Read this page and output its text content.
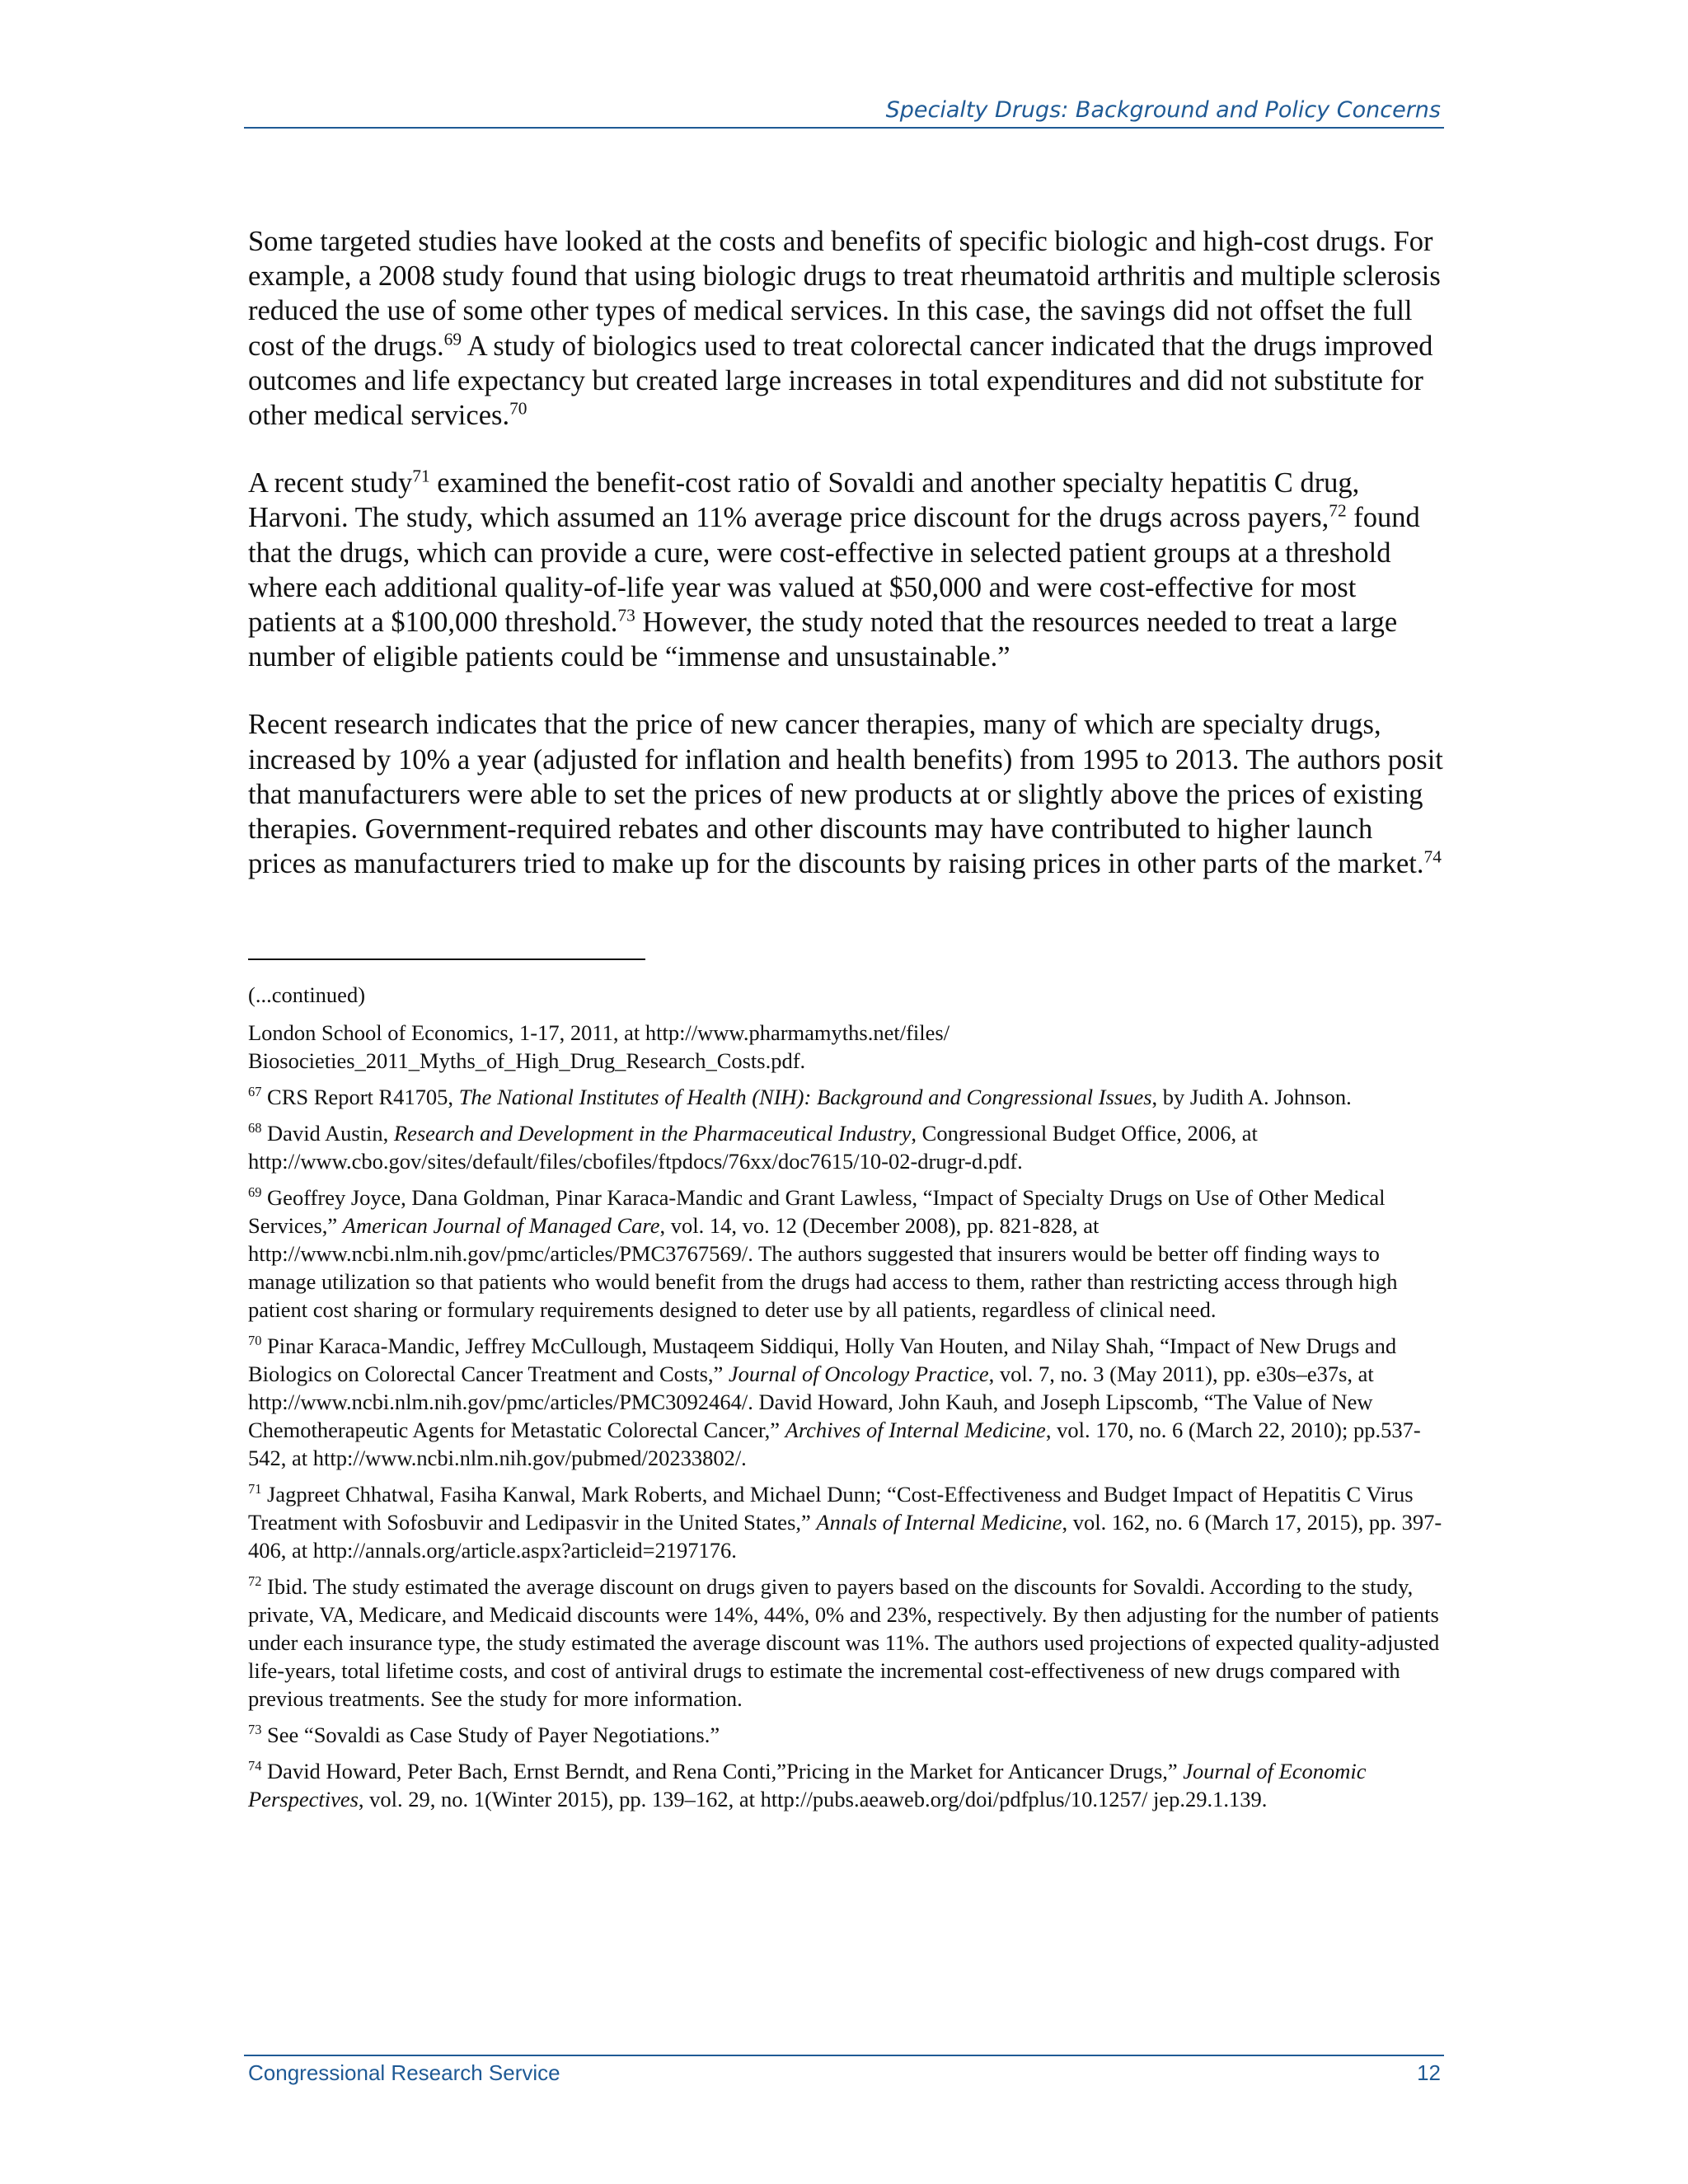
Specialty Drugs: Background and Policy Concerns

Some targeted studies have looked at the costs and benefits of specific biologic and high-cost drugs. For example, a 2008 study found that using biologic drugs to treat rheumatoid arthritis and multiple sclerosis reduced the use of some other types of medical services. In this case, the savings did not offset the full cost of the drugs.$^{69}$ A study of biologics used to treat colorectal cancer indicated that the drugs improved outcomes and life expectancy but created large increases in total expenditures and did not substitute for other medical services.$^{70}$

A recent study$^{71}$ examined the benefit-cost ratio of Sovaldi and another specialty hepatitis C drug, Harvoni. The study, which assumed an 11% average price discount for the drugs across payers,$^{72}$ found that the drugs, which can provide a cure, were cost-effective in selected patient groups at a threshold where each additional quality-of-life year was valued at $50,000 and were cost-effective for most patients at a $100,000 threshold.$^{73}$ However, the study noted that the resources needed to treat a large number of eligible patients could be “immense and unsustainable.”

Recent research indicates that the price of new cancer therapies, many of which are specialty drugs, increased by 10% a year (adjusted for inflation and health benefits) from 1995 to 2013. The authors posit that manufacturers were able to set the prices of new products at or slightly above the prices of existing therapies. Government-required rebates and other discounts may have contributed to higher launch prices as manufacturers tried to make up for the discounts by raising prices in other parts of the market.$^{74}$

(...continued)

London School of Economics, 1-17, 2011, at http://www.pharmamyths.net/files/ Biosocieties_2011_Myths_of_High_Drug_Research_Costs.pdf.

$^{67}$ CRS Report R41705, The National Institutes of Health (NIH): Background and Congressional Issues, by Judith A. Johnson.

$^{68}$ David Austin, Research and Development in the Pharmaceutical Industry, Congressional Budget Office, 2006, at http://www.cbo.gov/sites/default/files/cbofiles/ftpdocs/76xx/doc7615/10-02-drugr-d.pdf.

$^{69}$ Geoffrey Joyce, Dana Goldman, Pinar Karaca-Mandic and Grant Lawless, “Impact of Specialty Drugs on Use of Other Medical Services,” American Journal of Managed Care, vol. 14, vo. 12 (December 2008), pp. 821-828, at http://www.ncbi.nlm.nih.gov/pmc/articles/PMC3767569/. The authors suggested that insurers would be better off finding ways to manage utilization so that patients who would benefit from the drugs had access to them, rather than restricting access through high patient cost sharing or formulary requirements designed to deter use by all patients, regardless of clinical need.

$^{70}$ Pinar Karaca-Mandic, Jeffrey McCullough, Mustaqeem Siddiqui, Holly Van Houten, and Nilay Shah, “Impact of New Drugs and Biologics on Colorectal Cancer Treatment and Costs,” Journal of Oncology Practice, vol. 7, no. 3 (May 2011), pp. e30s–e37s, at http://www.ncbi.nlm.nih.gov/pmc/articles/PMC3092464/. David Howard, John Kauh, and Joseph Lipscomb, “The Value of New Chemotherapeutic Agents for Metastatic Colorectal Cancer,” Archives of Internal Medicine, vol. 170, no. 6 (March 22, 2010); pp.537-542, at http://www.ncbi.nlm.nih.gov/pubmed/20233802/.

$^{71}$ Jagpreet Chhatwal, Fasiha Kanwal, Mark Roberts, and Michael Dunn; “Cost-Effectiveness and Budget Impact of Hepatitis C Virus Treatment with Sofosbuvir and Ledipasvir in the United States,” Annals of Internal Medicine, vol. 162, no. 6 (March 17, 2015), pp. 397-406, at http://annals.org/article.aspx?articleid=2197176.

$^{72}$ Ibid. The study estimated the average discount on drugs given to payers based on the discounts for Sovaldi. According to the study, private, VA, Medicare, and Medicaid discounts were 14%, 44%, 0% and 23%, respectively. By then adjusting for the number of patients under each insurance type, the study estimated the average discount was 11%. The authors used projections of expected quality-adjusted life-years, total lifetime costs, and cost of antiviral drugs to estimate the incremental cost-effectiveness of new drugs compared with previous treatments. See the study for more information.

$^{73}$ See “Sovaldi as Case Study of Payer Negotiations.”

$^{74}$ David Howard, Peter Bach, Ernst Berndt, and Rena Conti,”Pricing in the Market for Anticancer Drugs,” Journal of Economic Perspectives, vol. 29, no. 1(Winter 2015), pp. 139–162, at http://pubs.aeaweb.org/doi/pdfplus/10.1257/ jep.29.1.139.

Congressional Research Service	12
